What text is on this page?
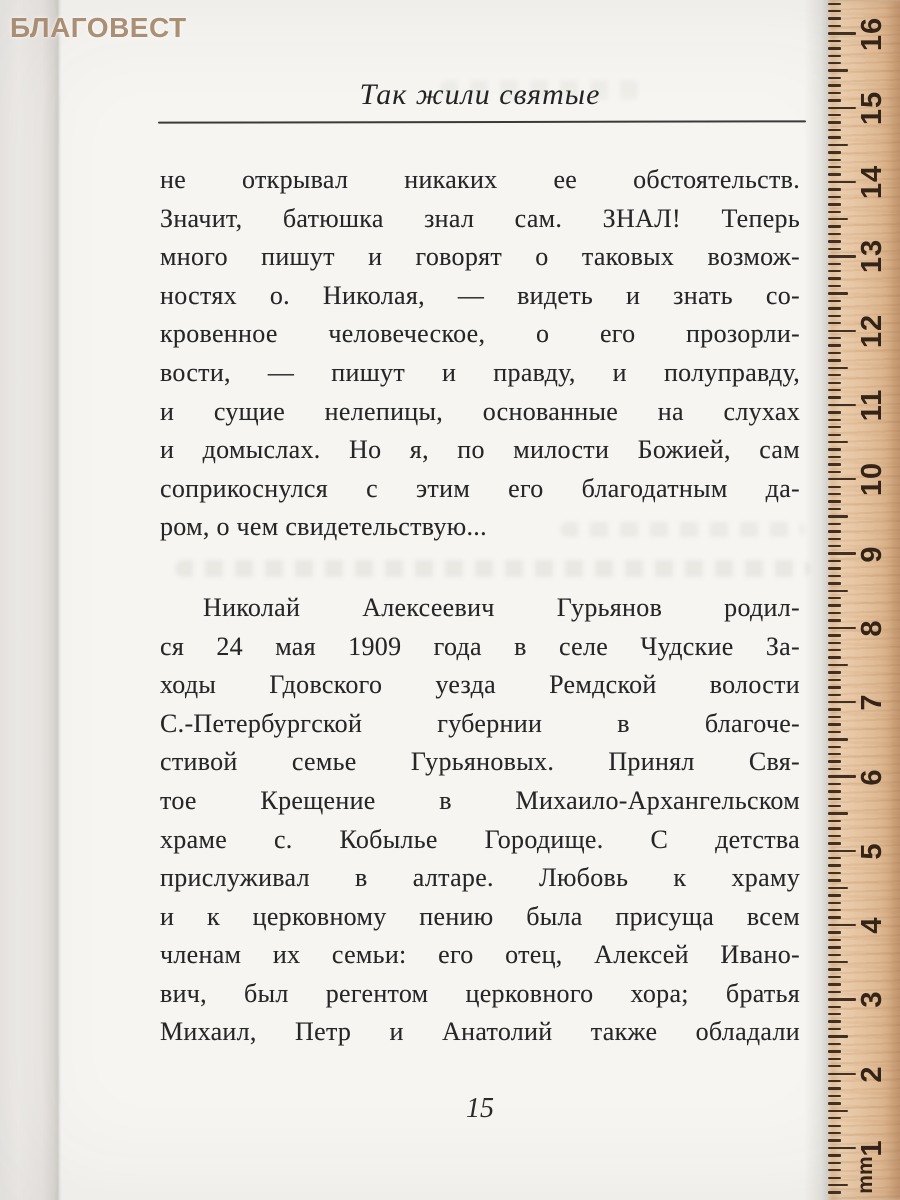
БЛАГОВЕСТ
Так жили святые
не открывал никаких ее обстоятельств.
Значит, батюшка знал сам. ЗНАЛ! Теперь
много пишут и говорят о таковых возмож-
ностях о. Николая, — видеть и знать со-
кровенное человеческое, о его прозорли-
вости, — пишут и правду, и полуправду,
и сущие нелепицы, основанные на слухах
и домыслах. Но я, по милости Божией, сам
соприкоснулся с этим его благодатным да-
ром, о чем свидетельствую...
Николай Алексеевич Гурьянов родил-
ся 24 мая 1909 года в селе Чудские За-
ходы Гдовского уезда Ремдской волости
С.-Петербургской губернии в благоче-
стивой семье Гурьяновых. Принял Свя-
тое Крещение в Михаило-Архангельском
храме с. Кобылье Городище. С детства
прислуживал в алтаре. Любовь к храму
и к церковному пению была присуща всем
членам их семьи: его отец, Алексей Ивано-
вич, был регентом церковного хора; братья
Михаил, Петр и Анатолий также обладали
15
mm
1
2
3
4
5
6
7
8
9
10
11
12
13
14
15
16
